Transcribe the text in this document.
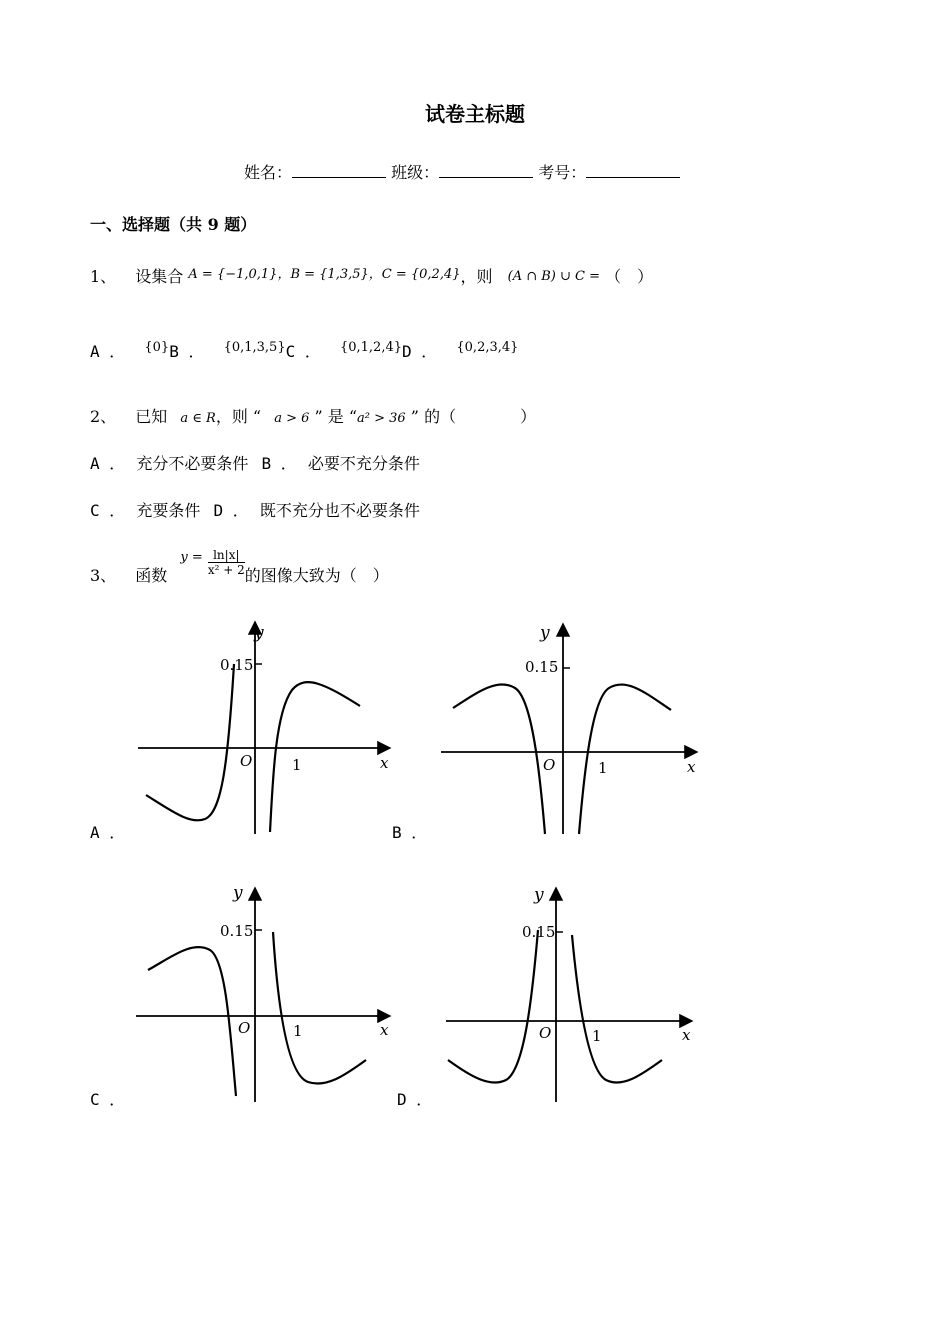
试卷主标题
姓名：	班级：	考号：
一、选择题（共 9 题）
1、 设集合 $^{A = \{-1,0,1\},B = \{1,3,5\},C = \{0,2,4\}}$，则 (A ∩ B) ∪ C = （　）
A ． $^{\{0\}}$B ． $^{\{0,1,3,5\}}$C ． $^{\{0,1,2,4\}}$D ． $^{\{0,2,3,4\}}$
2、 已知 a ∈ R，则 “ a > 6 ” 是 “a² > 36 ” 的（	）
A ． 充分不必要条件 B ． 必要不充分条件
C ． 充要条件 D ． 既不充分也不必要条件
3、 函数 $^{y =} \frac{\ln|x|}{\text{x² + 2}}$ 的图像大致为（　）
A ．	B ．
C ．	D ．
y
x
O
0.15
1
y
x
O
0.15
1
y
x
O
0.15
1
y
x
O
0.15
1
